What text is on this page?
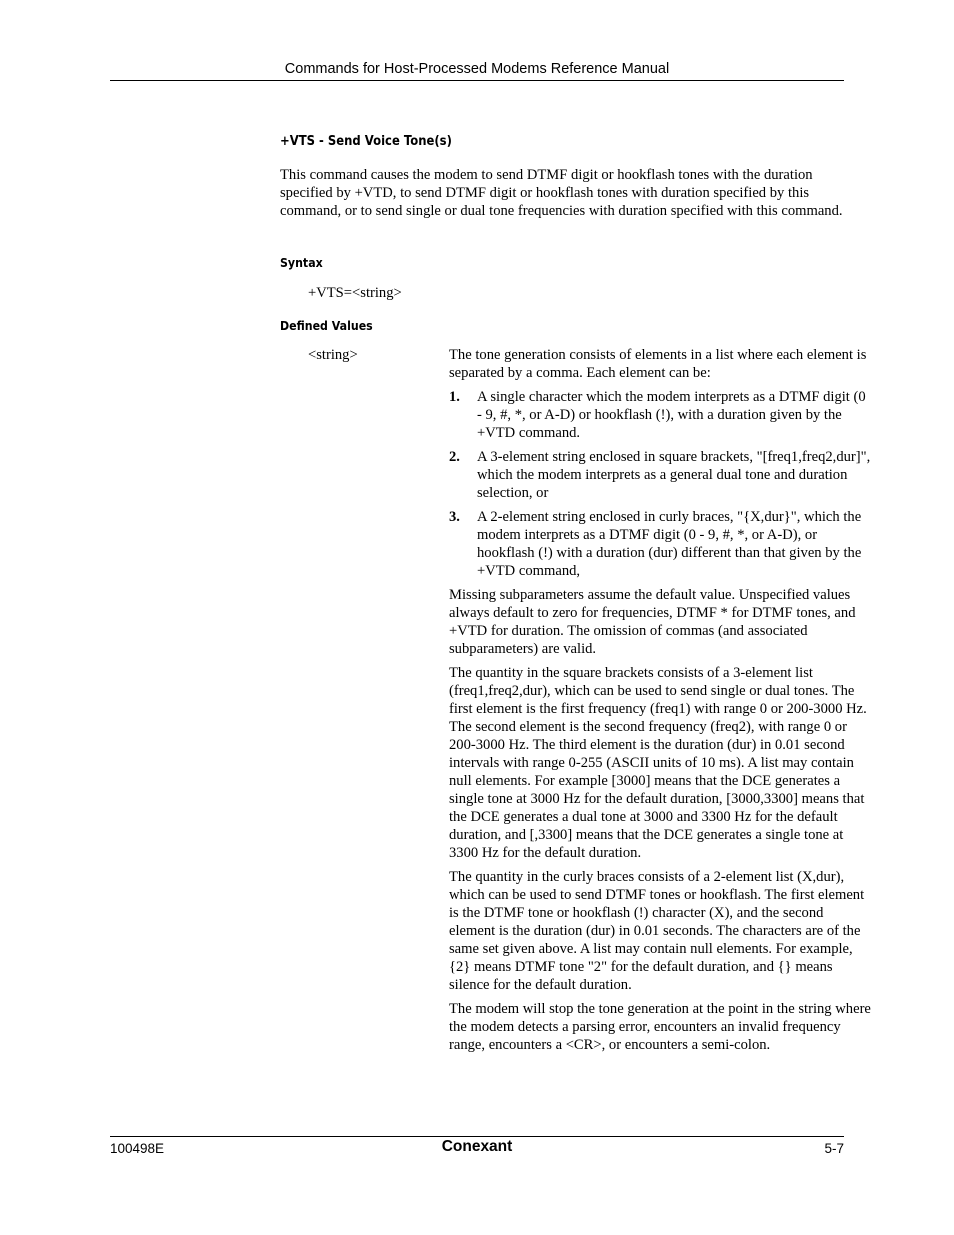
Commands for Host-Processed Modems Reference Manual
+VTS - Send Voice Tone(s)

This command causes the modem to send DTMF digit or hookflash tones with the duration specified by +VTD, to send DTMF digit or hookflash tones with duration specified by this command, or to send single or dual tone frequencies with duration specified with this command.

Syntax

+VTS=<string>

Defined Values

<string>	The tone generation consists of elements in a list where each element is separated by a comma. Each element can be:

1. A single character which the modem interprets as a DTMF digit (0 - 9, #, *, or A-D) or hookflash (!), with a duration given by the +VTD command.
2. A 3-element string enclosed in square brackets, "[freq1,freq2,dur]", which the modem interprets as a general dual tone and duration selection, or
3. A 2-element string enclosed in curly braces, "{X,dur}", which the modem interprets as a DTMF digit (0 - 9, #, *, or A-D), or hookflash (!) with a duration (dur) different than that given by the +VTD command,

Missing subparameters assume the default value. Unspecified values always default to zero for frequencies, DTMF * for DTMF tones, and +VTD for duration. The omission of commas (and associated subparameters) are valid.

The quantity in the square brackets consists of a 3-element list (freq1,freq2,dur), which can be used to send single or dual tones. The first element is the first frequency (freq1) with range 0 or 200-3000 Hz. The second element is the second frequency (freq2), with range 0 or 200-3000 Hz. The third element is the duration (dur) in 0.01 second intervals with range 0-255 (ASCII units of 10 ms). A list may contain null elements. For example [3000] means that the DCE generates a single tone at 3000 Hz for the default duration, [3000,3300] means that the DCE generates a dual tone at 3000 and 3300 Hz for the default duration, and [,3300] means that the DCE generates a single tone at 3300 Hz for the default duration.

The quantity in the curly braces consists of a 2-element list (X,dur), which can be used to send DTMF tones or hookflash. The first element is the DTMF tone or hookflash (!) character (X), and the second element is the duration (dur) in 0.01 seconds. The characters are of the same set given above. A list may contain null elements. For example, {2} means DTMF tone "2" for the default duration, and {} means silence for the default duration.

The modem will stop the tone generation at the point in the string where the modem detects a parsing error, encounters an invalid frequency range, encounters a <CR>, or encounters a semi-colon.

100498E	Conexant	5-7
